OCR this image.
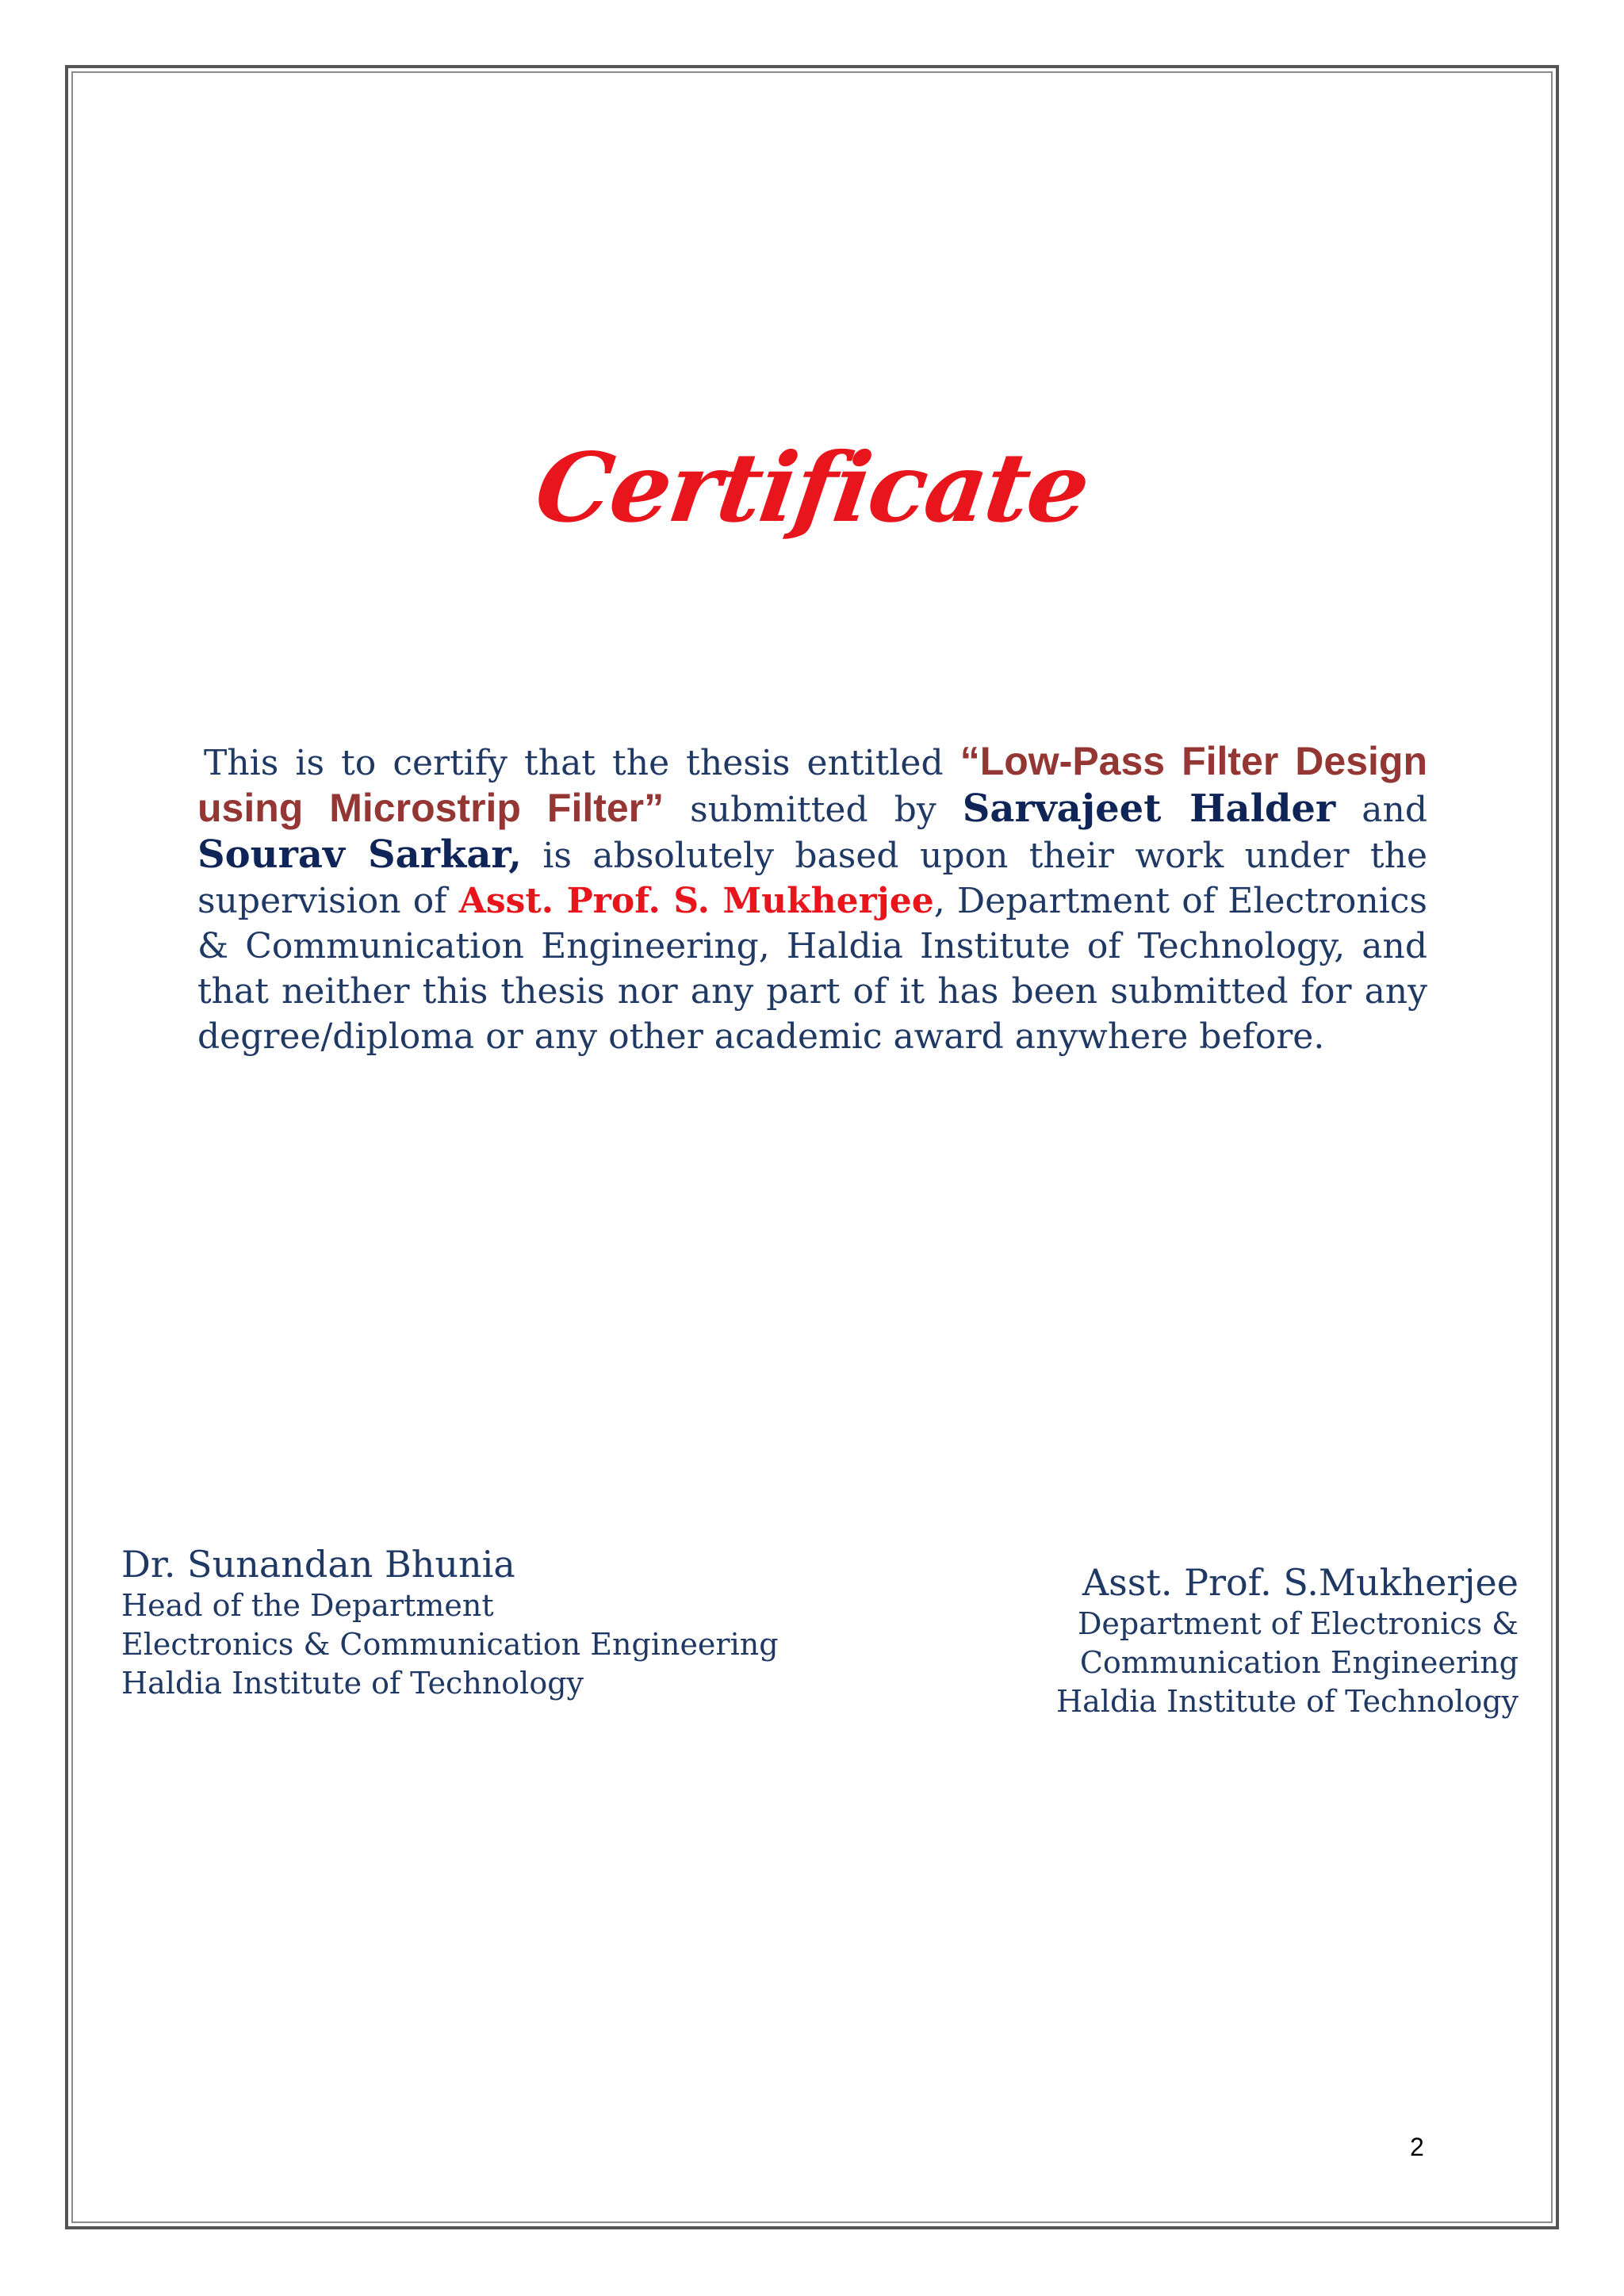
Certificate

This is to certify that the thesis entitled “Low-Pass Filter Design using Microstrip Filter” submitted by Sarvajeet Halder and Sourav Sarkar, is absolutely based upon their work under the supervision of Asst. Prof. S. Mukherjee, Department of Electronics & Communication Engineering, Haldia Institute of Technology, and that neither this thesis nor any part of it has been submitted for any degree/diploma or any other academic award anywhere before.

Dr. Sunandan Bhunia
Head of the Department
Electronics & Communication Engineering
Haldia Institute of Technology
Asst. Prof. S.Mukherjee
Department of Electronics &
Communication Engineering
Haldia Institute of Technology
2
